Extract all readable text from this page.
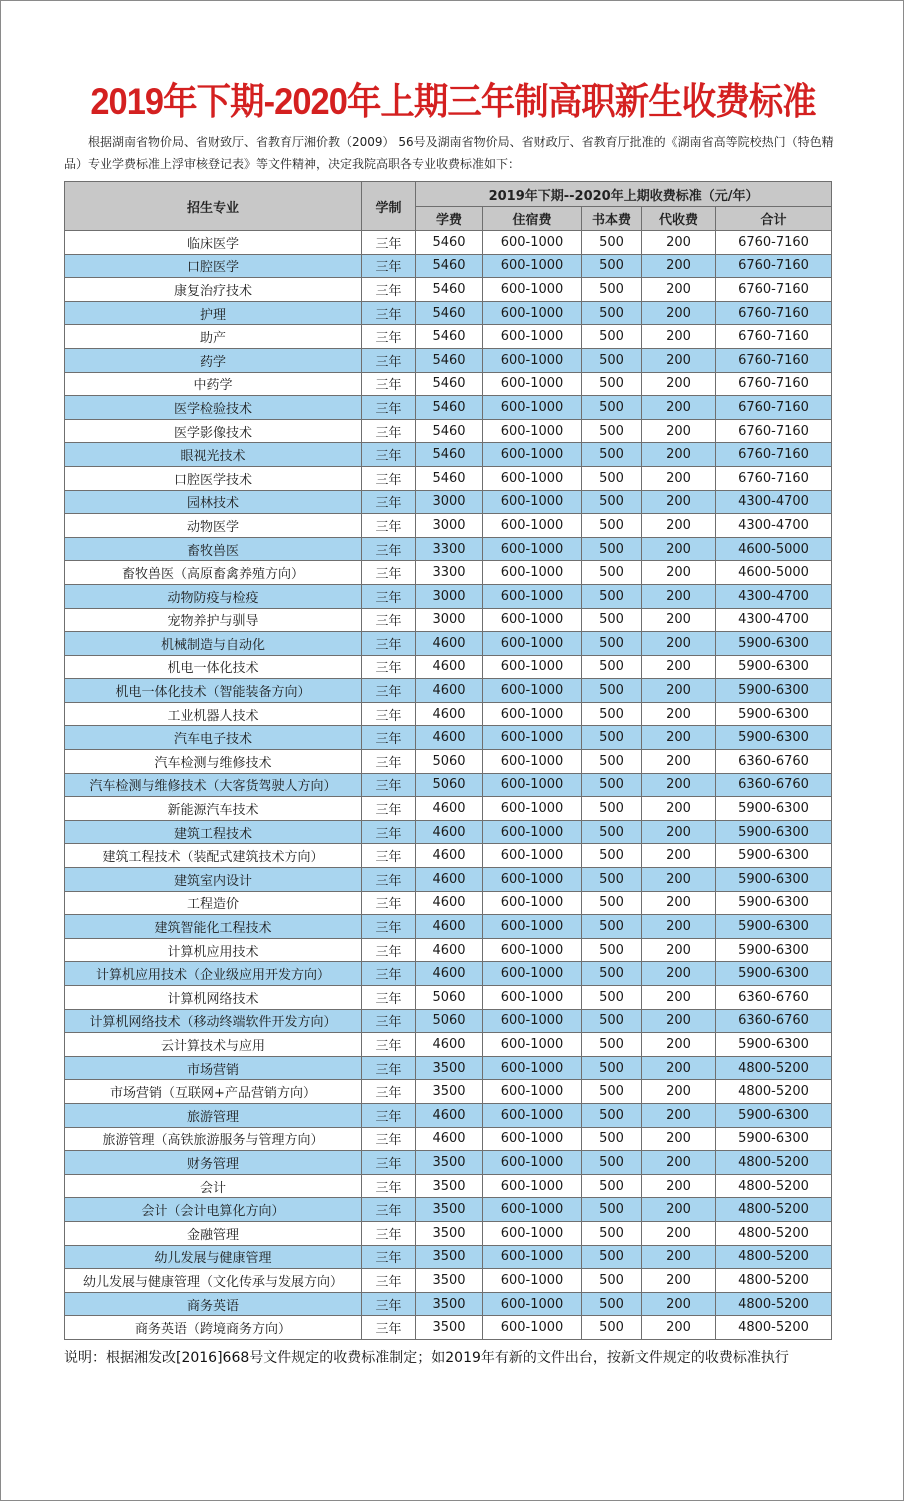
2019年下期-2020年上期三年制高职新生收费标准
根据湖南省物价局、省财致厅、省教育厅湘价教（2009） 56号及湖南省物价局、省财政厅、省教育厅批准的《湖南省高等院校热门（特色精品）专业学费标准上浮审核登记表》等文件精神，决定我院高职各专业收费标准如下：
招生专业	学制	2019年下期--2020年上期收费标准（元/年）				
		学费	住宿费	书本费	代收费	合计
临床医学	三年	5460	600-1000	500	200	6760-7160
口腔医学	三年	5460	600-1000	500	200	6760-7160
康复治疗技术	三年	5460	600-1000	500	200	6760-7160
护理	三年	5460	600-1000	500	200	6760-7160
助产	三年	5460	600-1000	500	200	6760-7160
药学	三年	5460	600-1000	500	200	6760-7160
中药学	三年	5460	600-1000	500	200	6760-7160
医学检验技术	三年	5460	600-1000	500	200	6760-7160
医学影像技术	三年	5460	600-1000	500	200	6760-7160
眼视光技术	三年	5460	600-1000	500	200	6760-7160
口腔医学技术	三年	5460	600-1000	500	200	6760-7160
园林技术	三年	3000	600-1000	500	200	4300-4700
动物医学	三年	3000	600-1000	500	200	4300-4700
畜牧兽医	三年	3300	600-1000	500	200	4600-5000
畜牧兽医（高原畜禽养殖方向）	三年	3300	600-1000	500	200	4600-5000
动物防疫与检疫	三年	3000	600-1000	500	200	4300-4700
宠物养护与驯导	三年	3000	600-1000	500	200	4300-4700
机械制造与自动化	三年	4600	600-1000	500	200	5900-6300
机电一体化技术	三年	4600	600-1000	500	200	5900-6300
机电一体化技术（智能装备方向）	三年	4600	600-1000	500	200	5900-6300
工业机器人技术	三年	4600	600-1000	500	200	5900-6300
汽车电子技术	三年	4600	600-1000	500	200	5900-6300
汽车检测与维修技术	三年	5060	600-1000	500	200	6360-6760
汽车检测与维修技术（大客货驾驶人方向）	三年	5060	600-1000	500	200	6360-6760
新能源汽车技术	三年	4600	600-1000	500	200	5900-6300
建筑工程技术	三年	4600	600-1000	500	200	5900-6300
建筑工程技术（装配式建筑技术方向）	三年	4600	600-1000	500	200	5900-6300
建筑室内设计	三年	4600	600-1000	500	200	5900-6300
工程造价	三年	4600	600-1000	500	200	5900-6300
建筑智能化工程技术	三年	4600	600-1000	500	200	5900-6300
计算机应用技术	三年	4600	600-1000	500	200	5900-6300
计算机应用技术（企业级应用开发方向）	三年	4600	600-1000	500	200	5900-6300
计算机网络技术	三年	5060	600-1000	500	200	6360-6760
计算机网络技术（移动终端软件开发方向）	三年	5060	600-1000	500	200	6360-6760
云计算技术与应用	三年	4600	600-1000	500	200	5900-6300
市场营销	三年	3500	600-1000	500	200	4800-5200
市场营销（互联网+产品营销方向）	三年	3500	600-1000	500	200	4800-5200
旅游管理	三年	4600	600-1000	500	200	5900-6300
旅游管理（高铁旅游服务与管理方向）	三年	4600	600-1000	500	200	5900-6300
财务管理	三年	3500	600-1000	500	200	4800-5200
会计	三年	3500	600-1000	500	200	4800-5200
会计（会计电算化方向）	三年	3500	600-1000	500	200	4800-5200
金融管理	三年	3500	600-1000	500	200	4800-5200
幼儿发展与健康管理	三年	3500	600-1000	500	200	4800-5200
幼儿发展与健康管理（文化传承与发展方向）	三年	3500	600-1000	500	200	4800-5200
商务英语	三年	3500	600-1000	500	200	4800-5200
商务英语（跨境商务方向）	三年	3500	600-1000	500	200	4800-5200
说明：根据湘发改[2016]668号文件规定的收费标准制定；如2019年有新的文件出台，按新文件规定的收费标准执行
